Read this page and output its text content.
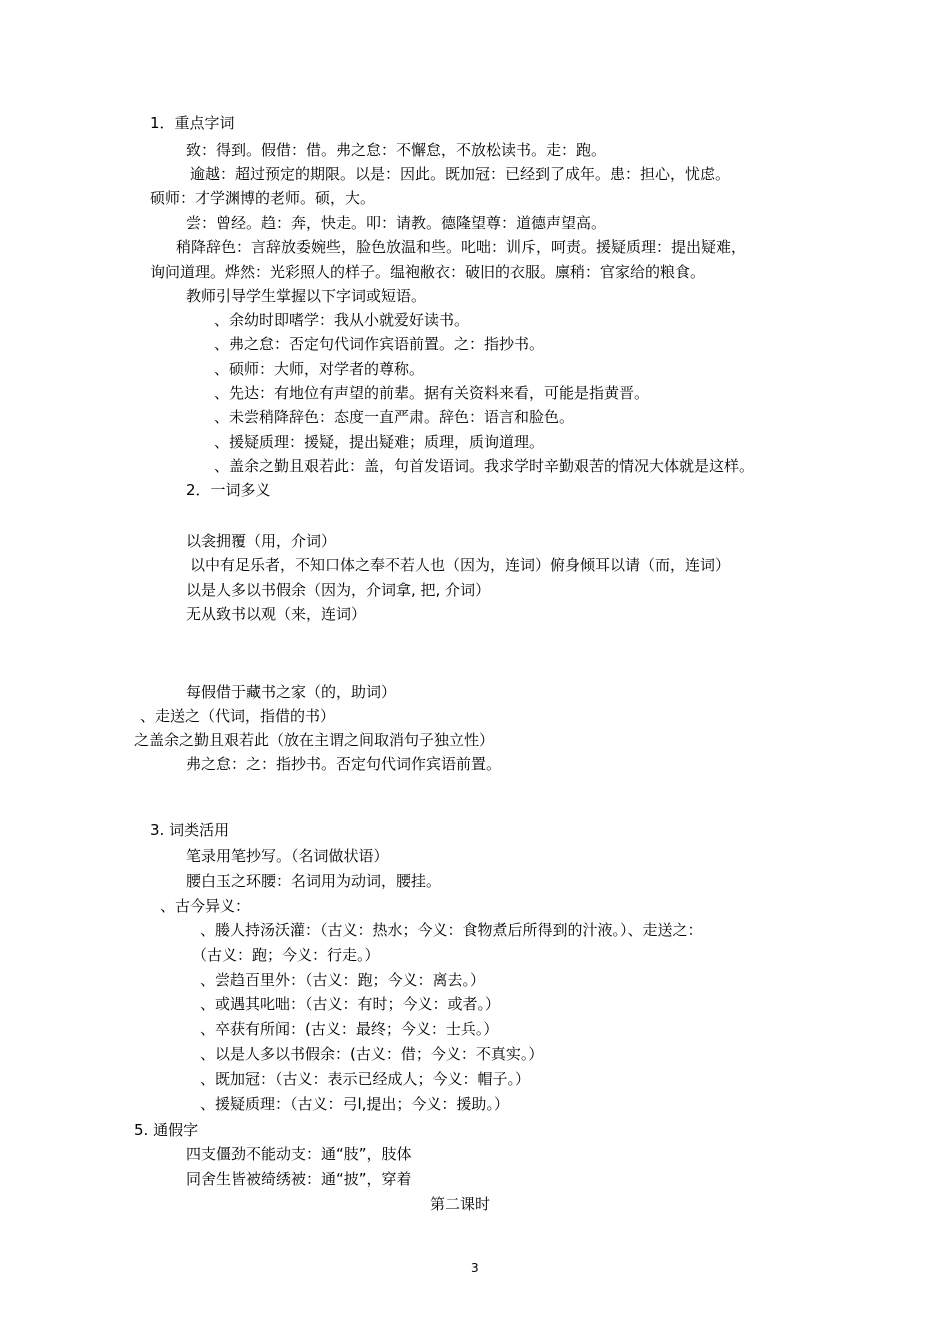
1．重点字词
致：得到。假借：借。弗之怠：不懈怠，不放松读书。走：跑。
逾越：超过预定的期限。以是：因此。既加冠：已经到了成年。患：担心，忧虑。
硕师：才学渊博的老师。硕，大。
尝：曾经。趋：奔，快走。叩：请教。德隆望尊：道德声望高。
稍降辞色：言辞放委婉些，脸色放温和些。叱咄：训斥，呵责。援疑质理：提出疑难，
询问道理。烨然：光彩照人的样子。缊袍敝衣：破旧的衣服。廪稍：官家给的粮食。
教师引导学生掌握以下字词或短语。
、余幼时即嗜学：我从小就爱好读书。
、弗之怠：否定句代词作宾语前置。之：指抄书。
、硕师：大师，对学者的尊称。
、先达：有地位有声望的前辈。据有关资料来看，可能是指黄晋。
、未尝稍降辞色：态度一直严肃。辞色：语言和脸色。
、援疑质理：援疑，提出疑难；质理，质询道理。
、盖余之勤且艰若此：盖，句首发语词。我求学时辛勤艰苦的情况大体就是这样。
2．一词多义
以衾拥覆（用，介词）
以中有足乐者，不知口体之奉不若人也（因为，连词）俯身倾耳以请（而，连词）
以是人多以书假余（因为，介词拿, 把, 介词）
无从致书以观（来，连词）
每假借于藏书之家（的，助词）
、走送之（代词，指借的书）
之盖余之勤且艰若此（放在主谓之间取消句子独立性）
弗之怠：之：指抄书。否定句代词作宾语前置。
3. 词类活用
笔录用笔抄写。（名词做状语）
腰白玉之环腰：名词用为动词，腰挂。
、古今异义：
、媵人持汤沃灌：（古义：热水；今义：食物煮后所得到的汁液。）、走送之：
（古义：跑；今义：行走。）
、尝趋百里外：（古义：跑；今义：离去。）
、或遇其叱咄：（古义：有时；今义：或者。）
、卒获有所闻：(古义：最终；今义：士兵。）
、以是人多以书假余：(古义：借；今义：不真实。）
、既加冠：（古义：表示已经成人；今义：帽子。）
、援疑质理：（古义：弓l,提出；今义：援助。）
5. 通假字
四支僵劲不能动支：通“肢”，肢体
同舍生皆被绮绣被：通“披”，穿着
第二课时
3
